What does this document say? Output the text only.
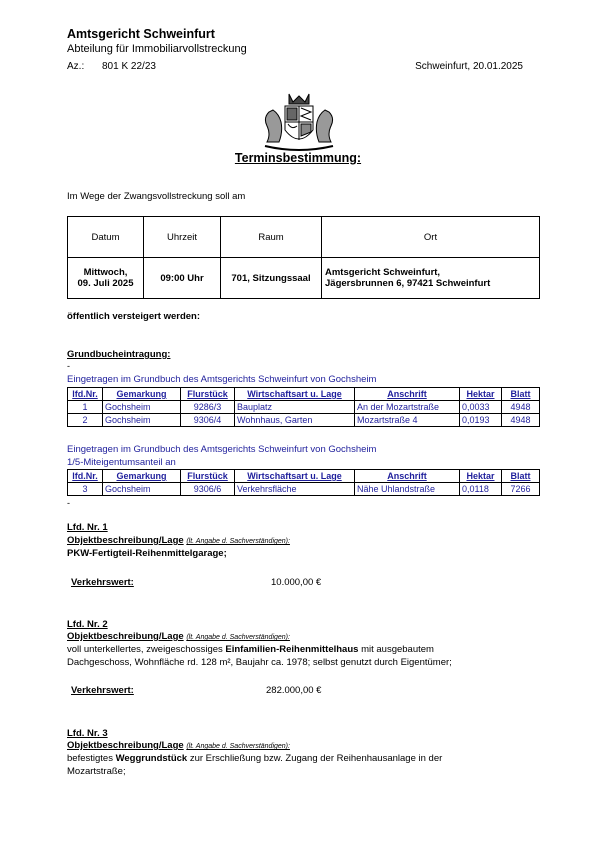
Amtsgericht Schweinfurt
Abteilung für Immobiliarvollstreckung
Az.: 801 K 22/23	Schweinfurt, 20.01.2025
Terminsbestimmung:
Im Wege der Zwangsvollstreckung soll am
Datum	Uhrzeit	Raum	Ort
Mittwoch,
09. Juli 2025	09:00 Uhr	701, Sitzungssaal	Amtsgericht Schweinfurt,
Jägersbrunnen 6, 97421 Schweinfurt
öffentlich versteigert werden:
Grundbucheintragung:
-
Eingetragen im Grundbuch des Amtsgerichts Schweinfurt von Gochsheim
lfd.Nr.	Gemarkung	Flurstück	Wirtschaftsart u. Lage	Anschrift	Hektar	Blatt
1	Gochsheim	9286/3	Bauplatz	An der Mozartstraße	0,0033	4948
2	Gochsheim	9306/4	Wohnhaus, Garten	Mozartstraße 4	0,0193	4948
Eingetragen im Grundbuch des Amtsgerichts Schweinfurt von Gochsheim
1/5-Miteigentumsanteil an
lfd.Nr.	Gemarkung	Flurstück	Wirtschaftsart u. Lage	Anschrift	Hektar	Blatt
3	Gochsheim	9306/6	Verkehrsfläche	Nähe Uhlandstraße	0,0118	7266
-
Lfd. Nr. 1
Objektbeschreibung/Lage (lt. Angabe d. Sachverständigen):
PKW-Fertigteil-Reihenmittelgarage;
Verkehrswert:	10.000,00 €
Lfd. Nr. 2
Objektbeschreibung/Lage (lt. Angabe d. Sachverständigen):
voll unterkellertes, zweigeschossiges Einfamilien-Reihenmittelhaus mit ausgebautem
Dachgeschoss, Wohnfläche rd. 128 m², Baujahr ca. 1978; selbst genutzt durch Eigentümer;
Verkehrswert:	282.000,00 €
Lfd. Nr. 3
Objektbeschreibung/Lage (lt. Angabe d. Sachverständigen):
befestigtes Weggrundstück zur Erschließung bzw. Zugang der Reihenhausanlage in der
Mozartstraße;
